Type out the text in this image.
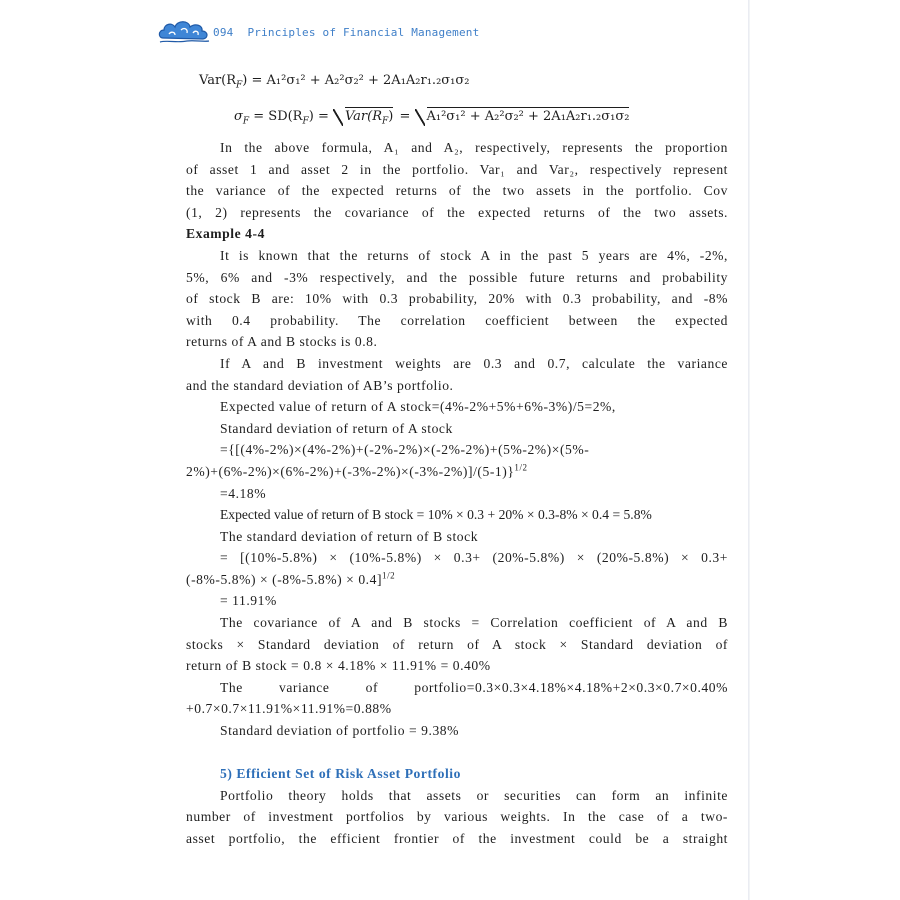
094 Principles of Financial Management
$Var(R_F) = A_1^2\sigma_1^2 + A_2^2\sigma_2^2 + 2A_1A_2r_1._2\sigma_1\sigma_2$
$\sigma_F = SD(R_F) = Var(R_F) = A_1^2\sigma_1^2 + A_2^2\sigma_2^2 + 2A_1A_2r_1._2\sigma_1\sigma_2$
In the above formula, A₁ and A₂, respectively, represents the proportion
of asset 1 and asset 2 in the portfolio. Var₁ and Var₂, respectively represent
the variance of the expected returns of the two assets in the portfolio. Cov
(1, 2) represents the covariance of the expected returns of the two assets.
Example 4-4
It is known that the returns of stock A in the past 5 years are 4%, -2%,
5%, 6% and -3% respectively, and the possible future returns and probability
of stock B are: 10% with 0.3 probability, 20% with 0.3 probability, and -8%
with 0.4 probability. The correlation coefficient between the expected
returns of A and B stocks is 0.8.
If A and B investment weights are 0.3 and 0.7, calculate the variance
and the standard deviation of AB’s portfolio.
Expected value of return of A stock=(4%-2%+5%+6%-3%)/5=2%,
Standard deviation of return of A stock
={[(4%-2%)×(4%-2%)+(-2%-2%)×(-2%-2%)+(5%-2%)×(5%-
2%)+(6%-2%)×(6%-2%)+(-3%-2%)×(-3%-2%)]/(5-1)}$^{1/2}$
=4.18%
Expected value of return of B stock = 10% × 0.3 + 20% × 0.3-8% × 0.4 = 5.8%
The standard deviation of return of B stock
= [(10%-5.8%) × (10%-5.8%) × 0.3+ (20%-5.8%) × (20%-5.8%) × 0.3+
(-8%-5.8%) × (-8%-5.8%) × 0.4]$^{1/2}$
= 11.91%
The covariance of A and B stocks = Correlation coefficient of A and B
stocks × Standard deviation of return of A stock × Standard deviation of
return of B stock = 0.8 × 4.18% × 11.91% = 0.40%
The variance of portfolio=0.3×0.3×4.18%×4.18%+2×0.3×0.7×0.40%
+0.7×0.7×11.91%×11.91%=0.88%
Standard deviation of portfolio = 9.38%
5) Efficient Set of Risk Asset Portfolio
Portfolio theory holds that assets or securities can form an infinite
number of investment portfolios by various weights. In the case of a two-
asset portfolio, the efficient frontier of the investment could be a straight
